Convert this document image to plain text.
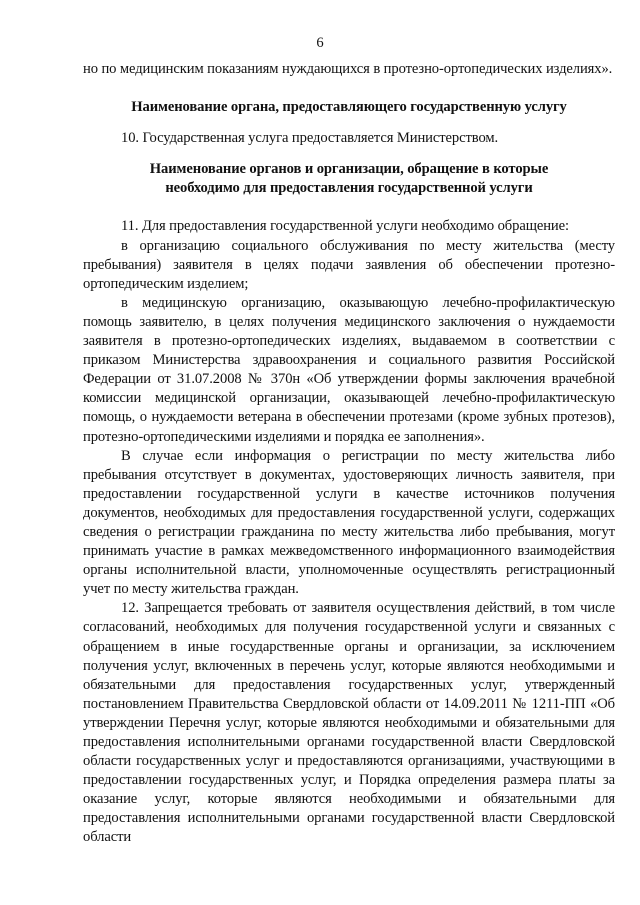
6

но по медицинским показаниям нуждающихся в протезно-ортопедических изделиях».

Наименование органа, предоставляющего государственную услугу

10. Государственная услуга предоставляется Министерством.

Наименование органов и организации, обращение в которые необходимо для предоставления государственной услуги

11. Для предоставления государственной услуги необходимо обращение:

в организацию социального обслуживания по месту жительства (месту пребывания) заявителя в целях подачи заявления об обеспечении протезно-ортопедическим изделием;

в медицинскую организацию, оказывающую лечебно-профилактическую помощь заявителю, в целях получения медицинского заключения о нуждаемости заявителя в протезно-ортопедических изделиях, выдаваемом в соответствии с приказом Министерства здравоохранения и социального развития Российской Федерации от 31.07.2008 № 370н «Об утверждении формы заключения врачебной комиссии медицинской организации, оказывающей лечебно-профилактическую помощь, о нуждаемости ветерана в обеспечении протезами (кроме зубных протезов), протезно-ортопедическими изделиями и порядка ее заполнения».

В случае если информация о регистрации по месту жительства либо пребывания отсутствует в документах, удостоверяющих личность заявителя, при предоставлении государственной услуги в качестве источников получения документов, необходимых для предоставления государственной услуги, содержащих сведения о регистрации гражданина по месту жительства либо пребывания, могут принимать участие в рамках межведомственного информационного взаимодействия органы исполнительной власти, уполномоченные осуществлять регистрационный учет по месту жительства граждан.

12. Запрещается требовать от заявителя осуществления действий, в том числе согласований, необходимых для получения государственной услуги и связанных с обращением в иные государственные органы и организации, за исключением получения услуг, включенных в перечень услуг, которые являются необходимыми и обязательными для предоставления государственных услуг, утвержденный постановлением Правительства Свердловской области от 14.09.2011 № 1211-ПП «Об утверждении Перечня услуг, которые являются необходимыми и обязательными для предоставления исполнительными органами государственной власти Свердловской области государственных услуг и предоставляются организациями, участвующими в предоставлении государственных услуг, и Порядка определения размера платы за оказание услуг, которые являются необходимыми и обязательными для предоставления исполнительными органами государственной власти Свердловской области
